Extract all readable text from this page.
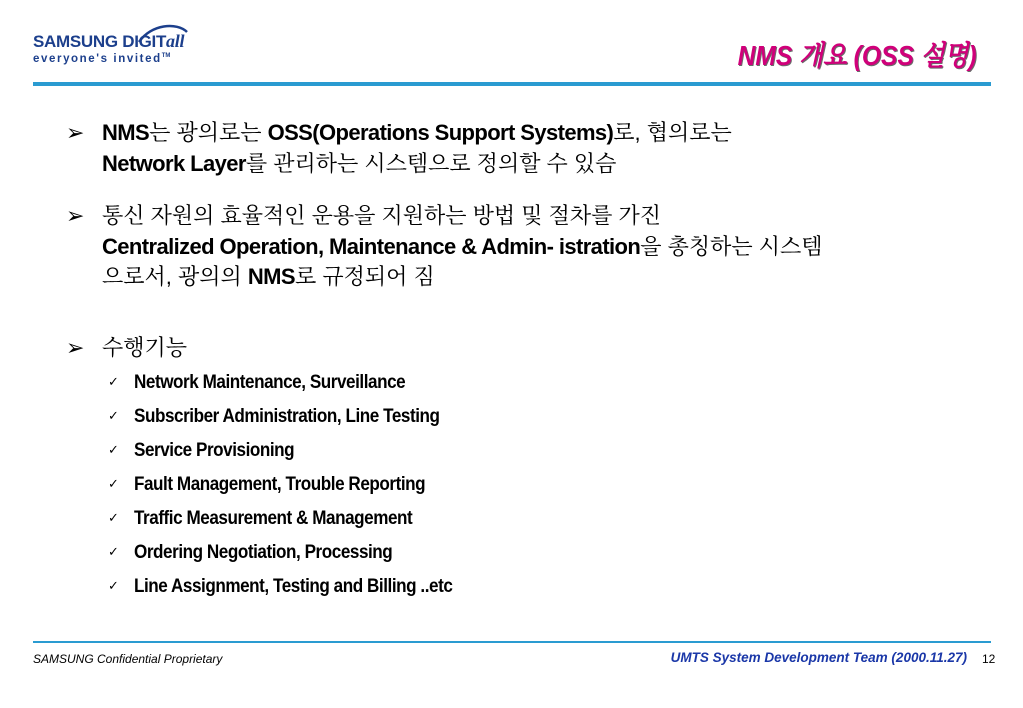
SAMSUNG DIGITall
everyone's invited™	NMS 개요 (OSS 설명)
➢ NMS는 광의로는 OSS(Operations Support Systems)로, 협의로는
Network Layer를 관리하는 시스템으로 정의할 수 있슴
➢ 통신 자원의 효율적인 운용을 지원하는 방법 및 절차를 가진
Centralized Operation, Maintenance & Admin- istration을 총칭하는 시스템
으로서, 광의의 NMS로 규정되어 짐
➢ 수행기능
✓ Network Maintenance, Surveillance
✓ Subscriber Administration, Line Testing
✓ Service Provisioning
✓ Fault Management, Trouble Reporting
✓ Traffic Measurement & Management
✓ Ordering Negotiation, Processing
✓ Line Assignment, Testing and Billing ..etc
SAMSUNG Confidential Proprietary	UMTS System Development Team (2000.11.27) 12
